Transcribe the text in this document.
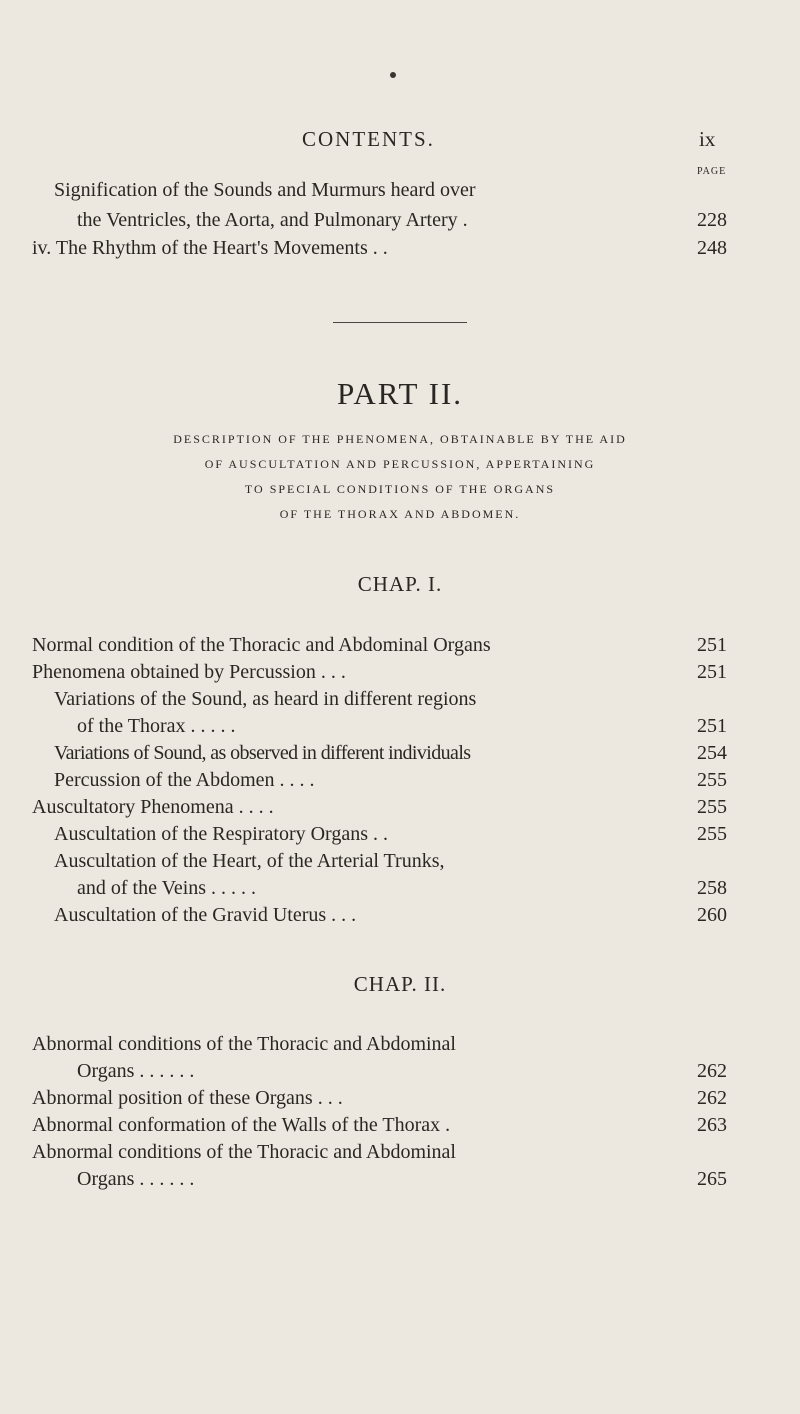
CONTENTS.	ix
PAGE
Signification of the Sounds and Murmurs heard over
the Ventricles, the Aorta, and Pulmonary Artery .	228
iv. The Rhythm of the Heart's Movements . .	248
PART II.
DESCRIPTION OF THE PHENOMENA, OBTAINABLE BY THE AID
OF AUSCULTATION AND PERCUSSION, APPERTAINING
TO SPECIAL CONDITIONS OF THE ORGANS
OF THE THORAX AND ABDOMEN.
CHAP. I.
Normal condition of the Thoracic and Abdominal Organs	251
Phenomena obtained by Percussion . . .	251
Variations of the Sound, as heard in different regions
of the Thorax . . . . .	251
Variations of Sound, as observed in different individuals	254
Percussion of the Abdomen . . . .	255
Auscultatory Phenomena . . . .	255
Auscultation of the Respiratory Organs . .	255
Auscultation of the Heart, of the Arterial Trunks,
and of the Veins . . . . .	258
Auscultation of the Gravid Uterus . . .	260
CHAP. II.
Abnormal conditions of the Thoracic and Abdominal
Organs . . . . . .	262
Abnormal position of these Organs . . .	262
Abnormal conformation of the Walls of the Thorax .	263
Abnormal conditions of the Thoracic and Abdominal
Organs . . . . . .	265
